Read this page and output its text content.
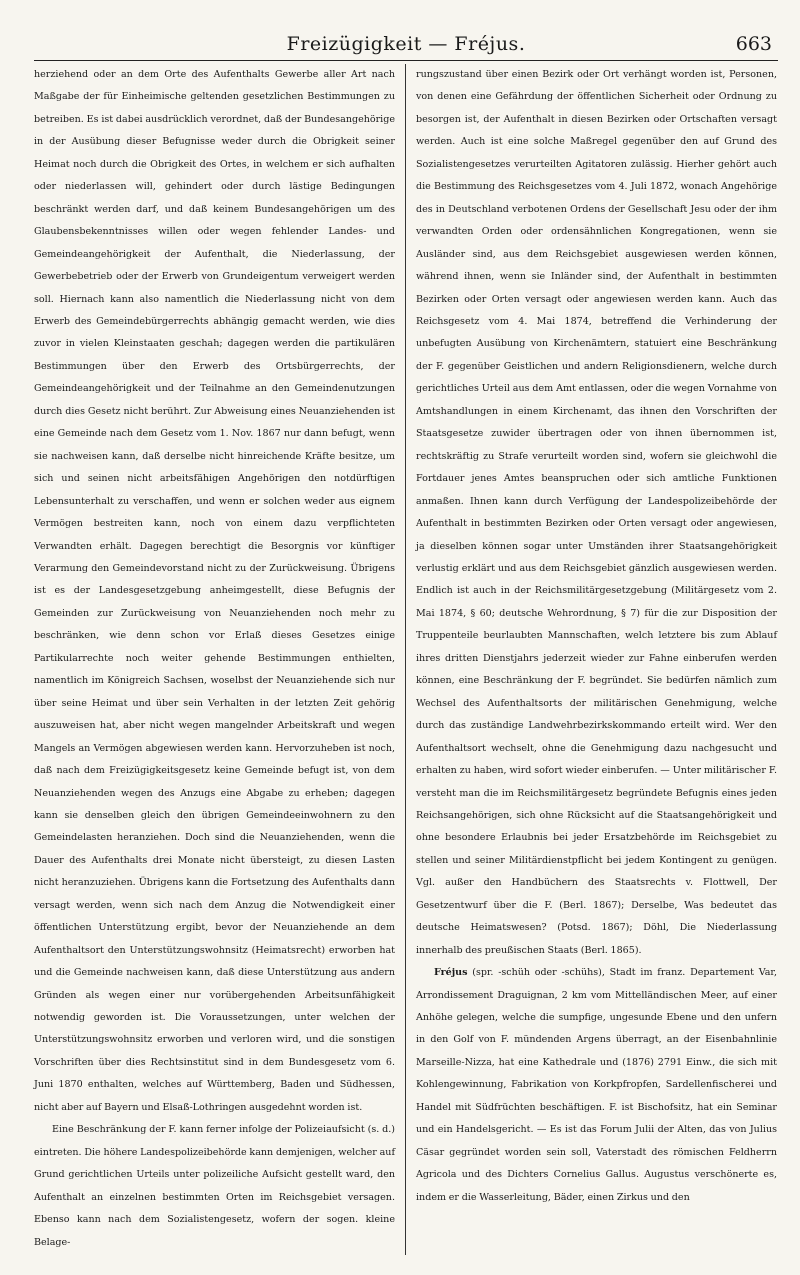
Freizügigkeit — Fréjus.	663

herziehend oder an dem Orte des Aufenthalts Gewerbe aller Art nach Maßgabe der für Einheimische geltenden gesetzlichen Bestimmungen zu betreiben. Es ist dabei ausdrücklich verordnet, daß der Bundesangehörige in der Ausübung dieser Befugnisse weder durch die Obrigkeit seiner Heimat noch durch die Obrigkeit des Ortes, in welchem er sich aufhalten oder niederlassen will, gehindert oder durch lästige Bedingungen beschränkt werden darf, und daß keinem Bundesangehörigen um des Glaubensbekenntnisses willen oder wegen fehlender Landes- und Gemeindeangehörigkeit der Aufenthalt, die Niederlassung, der Gewerbebetrieb oder der Erwerb von Grundeigentum verweigert werden soll. Hiernach kann also namentlich die Niederlassung nicht von dem Erwerb des Gemeindebürgerrechts abhängig gemacht werden, wie dies zuvor in vielen Kleinstaaten geschah; dagegen werden die partikulären Bestimmungen über den Erwerb des Ortsbürgerrechts, der Gemeindeangehörigkeit und der Teilnahme an den Gemeindenutzungen durch dies Gesetz nicht berührt. Zur Abweisung eines Neuanziehenden ist eine Gemeinde nach dem Gesetz vom 1. Nov. 1867 nur dann befugt, wenn sie nachweisen kann, daß derselbe nicht hinreichende Kräfte besitze, um sich und seinen nicht arbeitsfähigen Angehörigen den notdürftigen Lebensunterhalt zu verschaffen, und wenn er solchen weder aus eignem Vermögen bestreiten kann, noch von einem dazu verpflichteten Verwandten erhält. Dagegen berechtigt die Besorgnis vor künftiger Verarmung den Gemeindevorstand nicht zu der Zurückweisung. Übrigens ist es der Landesgesetzgebung anheimgestellt, diese Befugnis der Gemeinden zur Zurückweisung von Neuanziehenden noch mehr zu beschränken, wie denn schon vor Erlaß dieses Gesetzes einige Partikularrechte noch weiter gehende Bestimmungen enthielten, namentlich im Königreich Sachsen, woselbst der Neuanziehende sich nur über seine Heimat und über sein Verhalten in der letzten Zeit gehörig auszuweisen hat, aber nicht wegen mangelnder Arbeitskraft und wegen Mangels an Vermögen abgewiesen werden kann. Hervorzuheben ist noch, daß nach dem Freizügigkeitsgesetz keine Gemeinde befugt ist, von dem Neuanziehenden wegen des Anzugs eine Abgabe zu erheben; dagegen kann sie denselben gleich den übrigen Gemeindeeinwohnern zu den Gemeindelasten heranziehen. Doch sind die Neuanziehenden, wenn die Dauer des Aufenthalts drei Monate nicht übersteigt, zu diesen Lasten nicht heranzuziehen. Übrigens kann die Fortsetzung des Aufenthalts dann versagt werden, wenn sich nach dem Anzug die Notwendigkeit einer öffentlichen Unterstützung ergibt, bevor der Neuanziehende an dem Aufenthaltsort den Unterstützungswohnsitz (Heimatsrecht) erworben hat und die Gemeinde nachweisen kann, daß diese Unterstützung aus andern Gründen als wegen einer nur vorübergehenden Arbeitsunfähigkeit notwendig geworden ist. Die Voraussetzungen, unter welchen der Unterstützungswohnsitz erworben und verloren wird, und die sonstigen Vorschriften über dies Rechtsinstitut sind in dem Bundesgesetz vom 6. Juni 1870 enthalten, welches auf Württemberg, Baden und Südhessen, nicht aber auf Bayern und Elsaß-Lothringen ausgedehnt worden ist.

Eine Beschränkung der F. kann ferner infolge der Polizeiaufsicht (s. d.) eintreten. Die höhere Landespolizeibehörde kann demjenigen, welcher auf Grund gerichtlichen Urteils unter polizeiliche Aufsicht gestellt ward, den Aufenthalt an einzelnen bestimmten Orten im Reichsgebiet versagen. Ebenso kann nach dem Sozialistengesetz, wofern der sogen. kleine Belage-

rungszustand über einen Bezirk oder Ort verhängt worden ist, Personen, von denen eine Gefährdung der öffentlichen Sicherheit oder Ordnung zu besorgen ist, der Aufenthalt in diesen Bezirken oder Ortschaften versagt werden. Auch ist eine solche Maßregel gegenüber den auf Grund des Sozialistengesetzes verurteilten Agitatoren zulässig. Hierher gehört auch die Bestimmung des Reichsgesetzes vom 4. Juli 1872, wonach Angehörige des in Deutschland verbotenen Ordens der Gesellschaft Jesu oder der ihm verwandten Orden oder ordensähnlichen Kongregationen, wenn sie Ausländer sind, aus dem Reichsgebiet ausgewiesen werden können, während ihnen, wenn sie Inländer sind, der Aufenthalt in bestimmten Bezirken oder Orten versagt oder angewiesen werden kann. Auch das Reichsgesetz vom 4. Mai 1874, betreffend die Verhinderung der unbefugten Ausübung von Kirchenämtern, statuiert eine Beschränkung der F. gegenüber Geistlichen und andern Religionsdienern, welche durch gerichtliches Urteil aus dem Amt entlassen, oder die wegen Vornahme von Amtshandlungen in einem Kirchenamt, das ihnen den Vorschriften der Staatsgesetze zuwider übertragen oder von ihnen übernommen ist, rechtskräftig zu Strafe verurteilt worden sind, wofern sie gleichwohl die Fortdauer jenes Amtes beanspruchen oder sich amtliche Funktionen anmaßen. Ihnen kann durch Verfügung der Landespolizeibehörde der Aufenthalt in bestimmten Bezirken oder Orten versagt oder angewiesen, ja dieselben können sogar unter Umständen ihrer Staatsangehörigkeit verlustig erklärt und aus dem Reichsgebiet gänzlich ausgewiesen werden. Endlich ist auch in der Reichsmilitärgesetzgebung (Militärgesetz vom 2. Mai 1874, § 60; deutsche Wehrordnung, § 7) für die zur Disposition der Truppenteile beurlaubten Mannschaften, welch letztere bis zum Ablauf ihres dritten Dienstjahrs jederzeit wieder zur Fahne einberufen werden können, eine Beschränkung der F. begründet. Sie bedürfen nämlich zum Wechsel des Aufenthaltsorts der militärischen Genehmigung, welche durch das zuständige Landwehrbezirkskommando erteilt wird. Wer den Aufenthaltsort wechselt, ohne die Genehmigung dazu nachgesucht und erhalten zu haben, wird sofort wieder einberufen. — Unter militärischer F. versteht man die im Reichsmilitärgesetz begründete Befugnis eines jeden Reichsangehörigen, sich ohne Rücksicht auf die Staatsangehörigkeit und ohne besondere Erlaubnis bei jeder Ersatzbehörde im Reichsgebiet zu stellen und seiner Militärdienstpflicht bei jedem Kontingent zu genügen. Vgl. außer den Handbüchern des Staatsrechts v. Flottwell, Der Gesetzentwurf über die F. (Berl. 1867); Derselbe, Was bedeutet das deutsche Heimatswesen? (Potsd. 1867); Döhl, Die Niederlassung innerhalb des preußischen Staats (Berl. 1865).

Fréjus (spr. -schüh oder -schühs), Stadt im franz. Departement Var, Arrondissement Draguignan, 2 km vom Mittelländischen Meer, auf einer Anhöhe gelegen, welche die sumpfige, ungesunde Ebene und den unfern in den Golf von F. mündenden Argens überragt, an der Eisenbahnlinie Marseille-Nizza, hat eine Kathedrale und (1876) 2791 Einw., die sich mit Kohlengewinnung, Fabrikation von Korkpfropfen, Sardellenfischerei und Handel mit Südfrüchten beschäftigen. F. ist Bischofsitz, hat ein Seminar und ein Handelsgericht. — Es ist das Forum Julii der Alten, das von Julius Cäsar gegründet worden sein soll, Vaterstadt des römischen Feldherrn Agricola und des Dichters Cornelius Gallus. Augustus verschönerte es, indem er die Wasserleitung, Bäder, einen Zirkus und den
